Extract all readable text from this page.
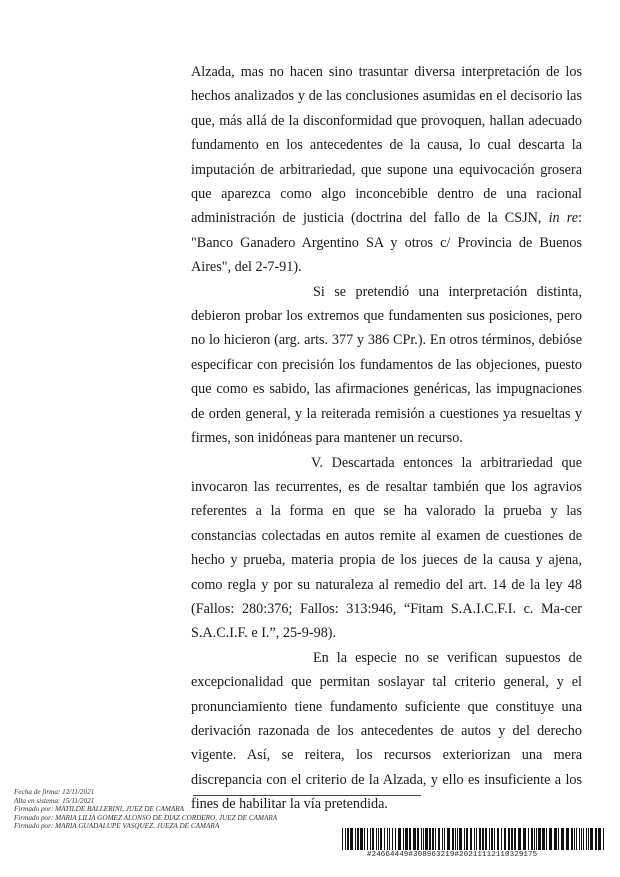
Alzada, mas no hacen sino trasuntar diversa interpretación de los hechos analizados y de las conclusiones asumidas en el decisorio las que, más allá de la disconformidad que provoquen, hallan adecuado fundamento en los antecedentes de la causa, lo cual descarta la imputación de arbitrariedad, que supone una equivocación grosera que aparezca como algo inconcebible dentro de una racional administración de justicia (doctrina del fallo de la CSJN, in re: "Banco Ganadero Argentino SA y otros c/ Provincia de Buenos Aires", del 2-7-91).

Si se pretendió una interpretación distinta, debieron probar los extremos que fundamenten sus posiciones, pero no lo hicieron (arg. arts. 377 y 386 CPr.). En otros términos, debióse especificar con precisión los fundamentos de las objeciones, puesto que como es sabido, las afirmaciones genéricas, las impugnaciones de orden general, y la reiterada remisión a cuestiones ya resueltas y firmes, son inidóneas para mantener un recurso.

V. Descartada entonces la arbitrariedad que invocaron las recurrentes, es de resaltar también que los agravios referentes a la forma en que se ha valorado la prueba y las constancias colectadas en autos remite al examen de cuestiones de hecho y prueba, materia propia de los jueces de la causa y ajena, como regla y por su naturaleza al remedio del art. 14 de la ley 48 (Fallos: 280:376; Fallos: 313:946, “Fitam S.A.I.C.F.I. c. Ma-cer S.A.C.I.F. e I.”, 25-9-98).

En la especie no se verifican supuestos de excepcionalidad que permitan soslayar tal criterio general, y el pronunciamiento tiene fundamento suficiente que constituye una derivación razonada de los antecedentes de autos y del derecho vigente. Así, se reitera, los recursos exteriorizan una mera discrepancia con el criterio de la Alzada, y ello es insuficiente a los fines de habilitar la vía pretendida.

Fecha de firma: 12/11/2021
Alta en sistema: 15/11/2021
Firmado por: MATILDE BALLERINI, JUEZ DE CAMARA
Firmado por: MARIA LILIA GOMEZ ALONSO DE DIAZ CORDERO, JUEZ DE CAMARA
Firmado por: MARIA GUADALUPE VASQUEZ, JUEZA DE CAMARA
#24664449#308963219#20211112110329175
